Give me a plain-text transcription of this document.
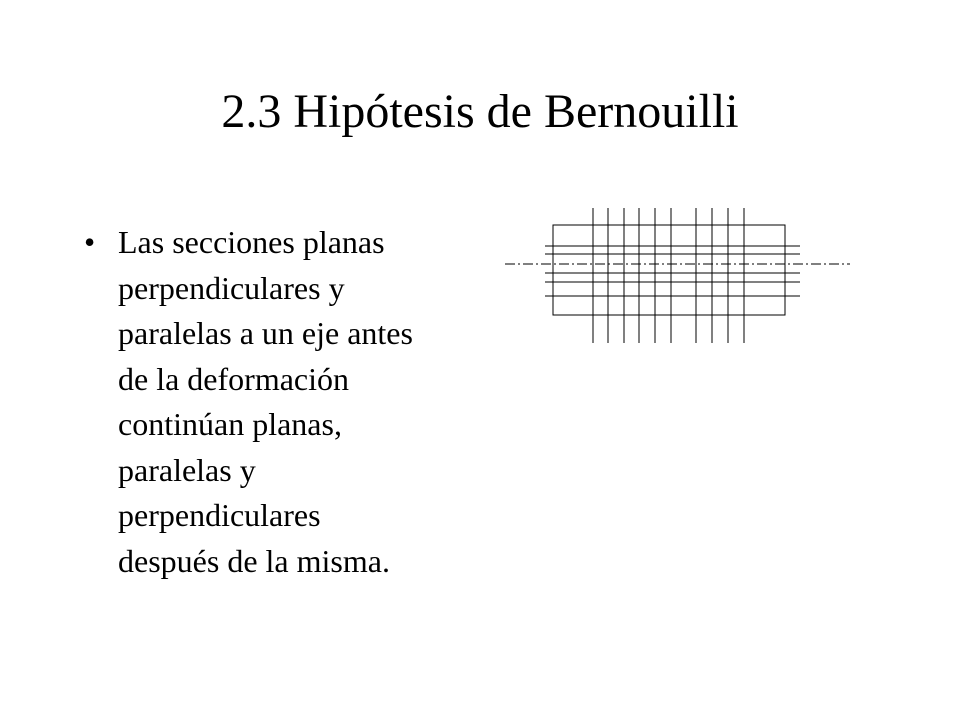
2.3 Hipótesis de Bernouilli
• Las secciones planas
perpendiculares y
paralelas a un eje antes
de la deformación
continúan planas,
paralelas y
perpendiculares
después de la misma.
